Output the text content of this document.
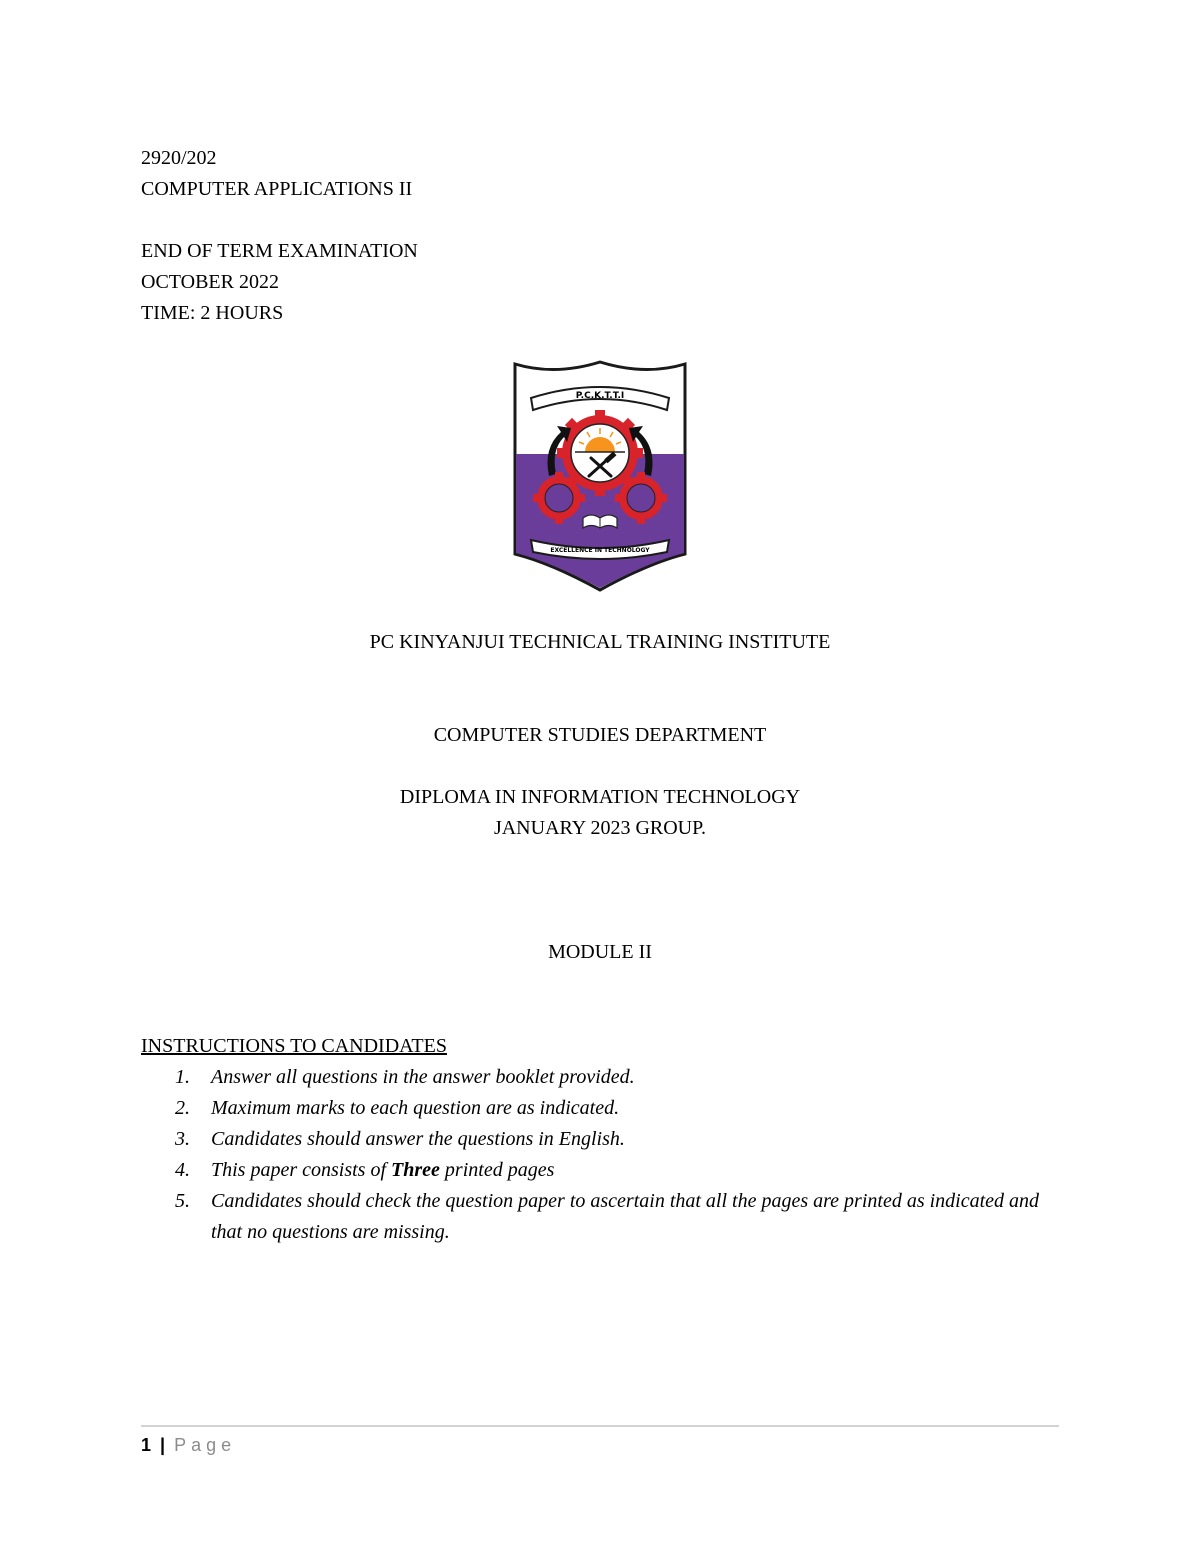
2920/202
COMPUTER APPLICATIONS II
END OF TERM EXAMINATION
OCTOBER 2022
TIME: 2 HOURS
P.C.K.T.T.I
EXCELLENCE IN TECHNOLOGY
PC KINYANJUI TECHNICAL TRAINING INSTITUTE
COMPUTER STUDIES DEPARTMENT
DIPLOMA IN INFORMATION TECHNOLOGY
JANUARY 2023 GROUP.
MODULE II
INSTRUCTIONS TO CANDIDATES
1. Answer all questions in the answer booklet provided.
2. Maximum marks to each question are as indicated.
3. Candidates should answer the questions in English.
4. This paper consists of Three printed pages
5. Candidates should check the question paper to ascertain that all the pages are printed as indicated and that no questions are missing.
1 | Page
